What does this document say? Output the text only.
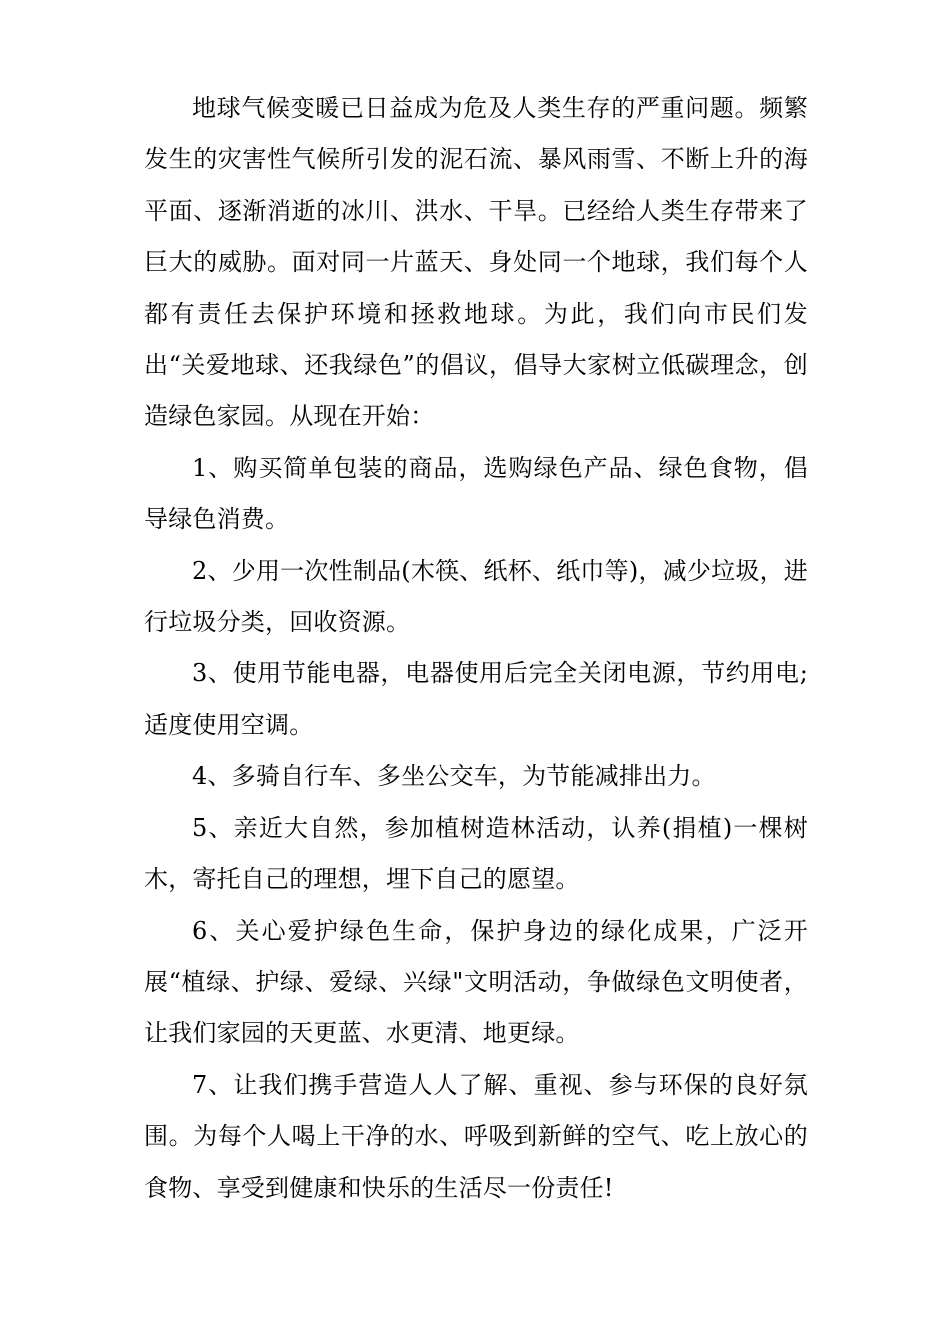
地球气候变暖已日益成为危及人类生存的严重问题。频繁发生的灾害性气候所引发的泥石流、暴风雨雪、不断上升的海平面、逐渐消逝的冰川、洪水、干旱。已经给人类生存带来了巨大的威胁。面对同一片蓝天、身处同一个地球，我们每个人都有责任去保护环境和拯救地球。为此，我们向市民们发出“关爱地球、还我绿色”的倡议，倡导大家树立低碳理念，创造绿色家园。从现在开始：

1、购买简单包装的商品，选购绿色产品、绿色食物，倡导绿色消费。

2、少用一次性制品(木筷、纸杯、纸巾等)，减少垃圾，进行垃圾分类，回收资源。

3、使用节能电器，电器使用后完全关闭电源，节约用电;适度使用空调。

4、多骑自行车、多坐公交车，为节能减排出力。

5、亲近大自然，参加植树造林活动，认养(捐植)一棵树木，寄托自己的理想，埋下自己的愿望。

6、关心爱护绿色生命，保护身边的绿化成果，广泛开展“植绿、护绿、爱绿、兴绿"文明活动，争做绿色文明使者，让我们家园的天更蓝、水更清、地更绿。

7、让我们携手营造人人了解、重视、参与环保的良好氛围。为每个人喝上干净的水、呼吸到新鲜的空气、吃上放心的食物、享受到健康和快乐的生活尽一份责任!
